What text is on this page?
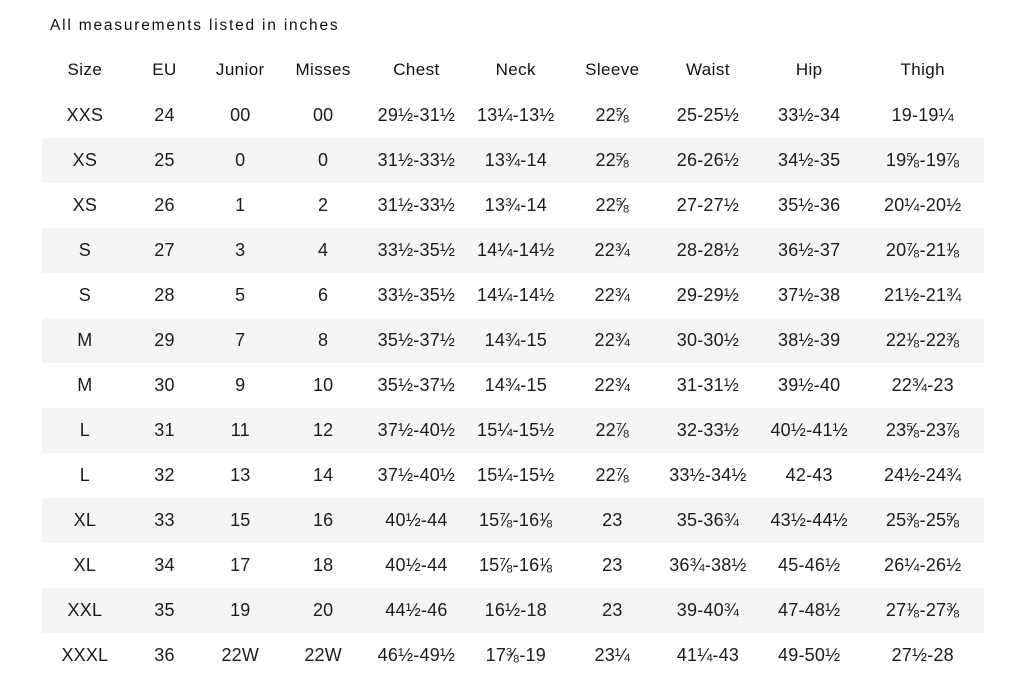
All measurements listed in inches
Size	EU	Junior	Misses	Chest	Neck	Sleeve	Waist	Hip	Thigh
XXS	24	00	00	29½-31½	13¼-13½	$22^5⁄_8$	25-25½	33½-34	19-19¼
XS	25	0	0	31½-33½	13¾-14	$22^5⁄_8$	26-26½	34½-35	$19^5⁄_8-19^7⁄_8$
XS	26	1	2	31½-33½	13¾-14	$22^5⁄_8$	27-27½	35½-36	20¼-20½
S	27	3	4	33½-35½	14¼-14½	22¾	28-28½	36½-37	$20^7⁄_8-21^1⁄_8$
S	28	5	6	33½-35½	14¼-14½	22¾	29-29½	37½-38	21½-21¾
M	29	7	8	35½-37½	14¾-15	22¾	30-30½	38½-39	$22^1⁄_8-22^3⁄_8$
M	30	9	10	35½-37½	14¾-15	22¾	31-31½	39½-40	22¾-23
L	31	11	12	37½-40½	15¼-15½	$22^7⁄_8$	32-33½	40½-41½	$23^5⁄_8-23^7⁄_8$
L	32	13	14	37½-40½	15¼-15½	$22^7⁄_8$	33½-34½	42-43	24½-24¾
XL	33	15	16	40½-44	$15^7⁄_8-16^1⁄_8$	23	35-36¾	43½-44½	$25^3⁄_8-25^5⁄_8$
XL	34	17	18	40½-44	$15^7⁄_8-16^1⁄_8$	23	36¾-38½	45-46½	26¼-26½
XXL	35	19	20	44½-46	16½-18	23	39-40¾	47-48½	$27^1⁄_8-27^3⁄_8$
XXXL	36	22W	22W	46½-49½	$17^3⁄_8-19$	23¼	41¼-43	49-50½	27½-28
